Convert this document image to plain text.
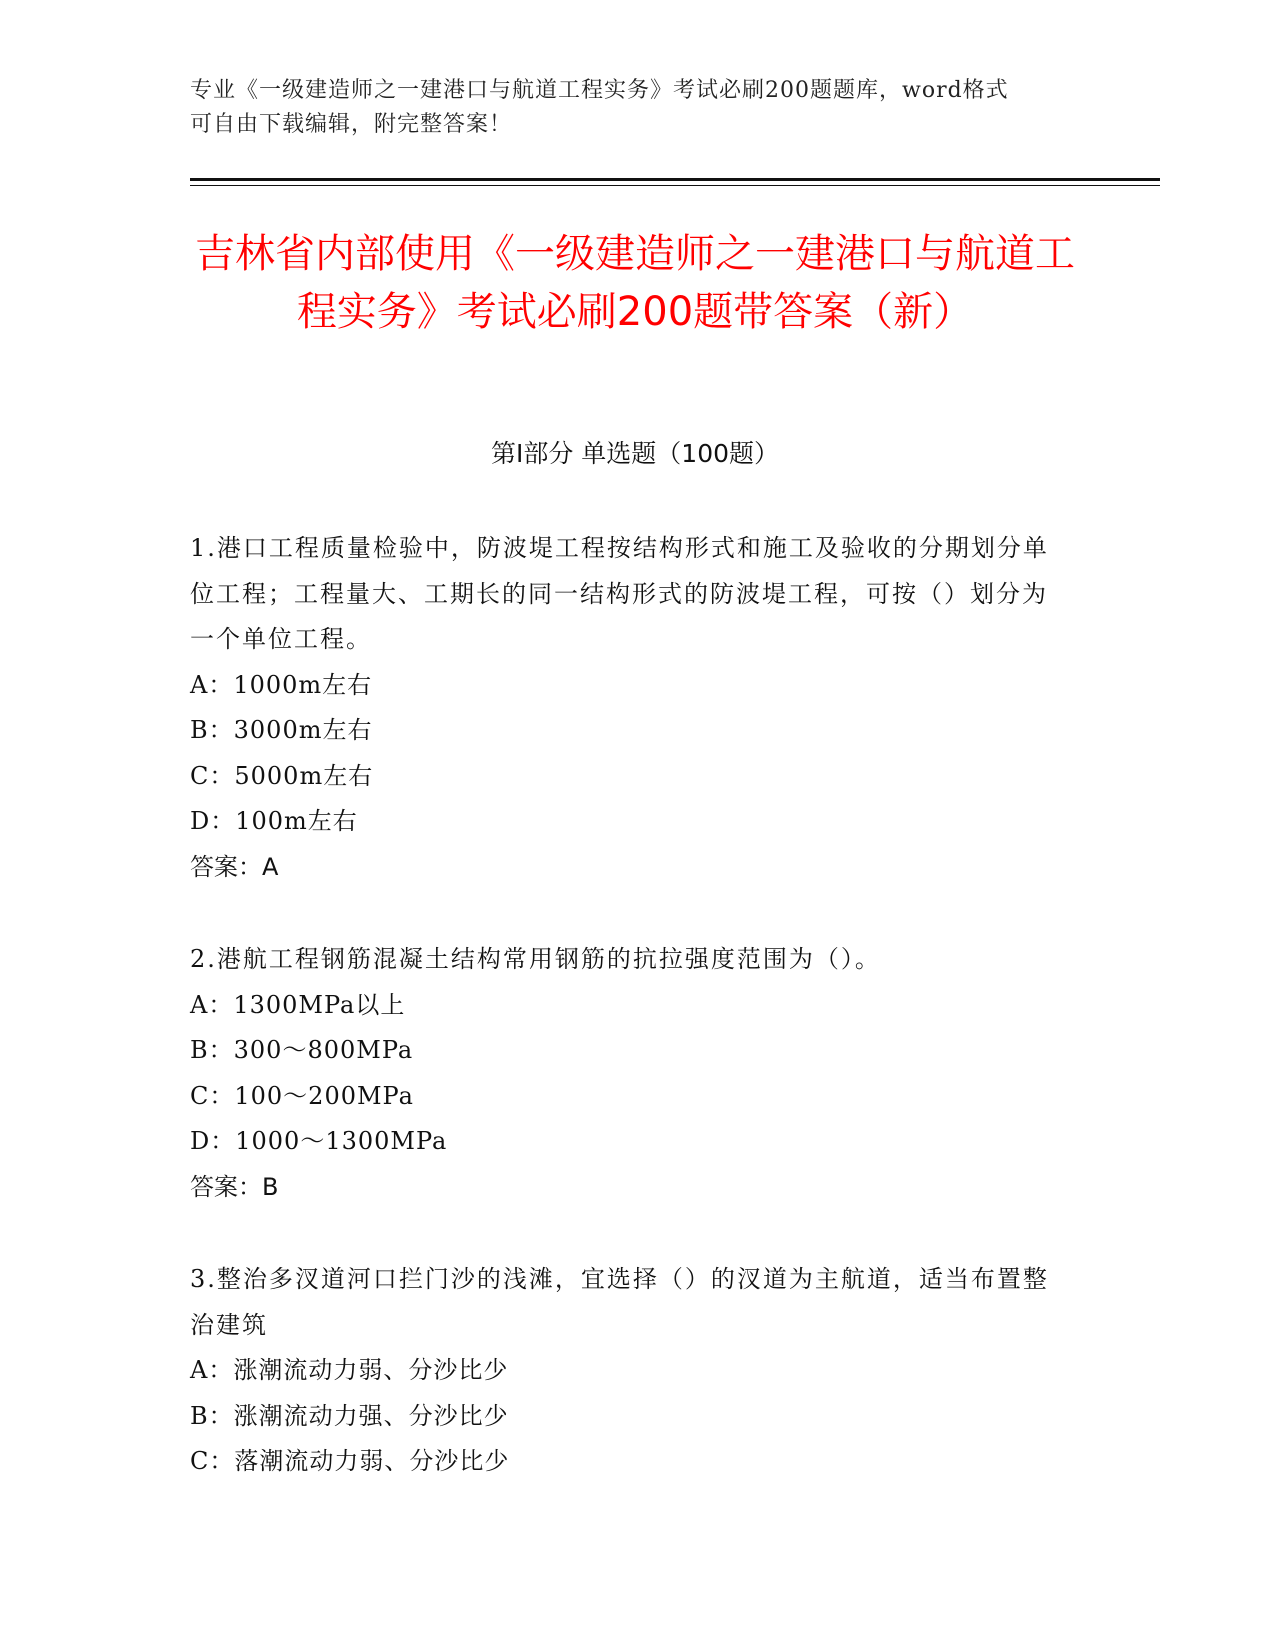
专业《一级建造师之一建港口与航道工程实务》考试必刷200题题库，word格式
可自由下载编辑，附完整答案！
吉林省内部使用《一级建造师之一建港口与航道工程实务》考试必刷200题带答案（新）
第Ⅰ部分 单选题（100题）

1.港口工程质量检验中，防波堤工程按结构形式和施工及验收的分期划分单位工程；工程量大、工期长的同一结构形式的防波堤工程，可按（）划分为一个单位工程。

A：1000m左右

B：3000m左右

C：5000m左右

D：100m左右

答案：A

2.港航工程钢筋混凝土结构常用钢筋的抗拉强度范围为（）。

A：1300MPa以上

B：300～800MPa

C：100～200MPa

D：1000～1300MPa

答案：B

3.整治多汊道河口拦门沙的浅滩，宜选择（）的汊道为主航道，适当布置整治建筑

A：涨潮流动力弱、分沙比少

B：涨潮流动力强、分沙比少

C：落潮流动力弱、分沙比少
